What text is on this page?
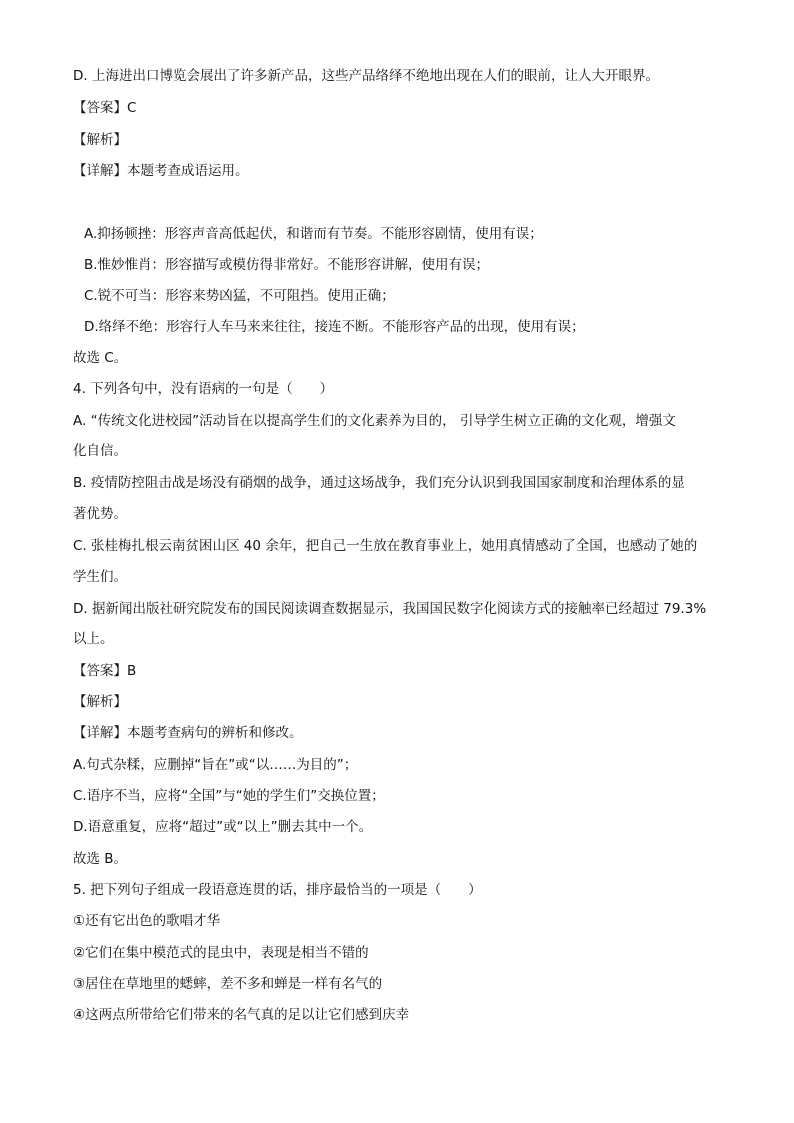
D. 上海进出口博览会展出了许多新产品，这些产品络绎不绝地出现在人们的眼前，让人大开眼界。
【答案】C
【解析】
【详解】本题考查成语运用。
A.抑扬顿挫：形容声音高低起伏，和谐而有节奏。不能形容剧情，使用有误；
B.惟妙惟肖：形容描写或模仿得非常好。不能形容讲解，使用有误；
C.锐不可当：形容来势凶猛，不可阻挡。使用正确；
D.络绎不绝：形容行人车马来来往往，接连不断。不能形容产品的出现，使用有误；
故选 C。
4. 下列各句中，没有语病的一句是（　　）
A. “传统文化进校园”活动旨在以提高学生们的文化素养为目的， 引导学生树立正确的文化观，增强文
化自信。
B. 疫情防控阻击战是场没有硝烟的战争，通过这场战争，我们充分认识到我国国家制度和治理体系的显
著优势。
C. 张桂梅扎根云南贫困山区 40 余年，把自己一生放在教育事业上，她用真情感动了全国，也感动了她的
学生们。
D. 据新闻出版社研究院发布的国民阅读调查数据显示，我国国民数字化阅读方式的接触率已经超过 79.3%
以上。
【答案】B
【解析】
【详解】本题考查病句的辨析和修改。
A.句式杂糅，应删掉“旨在”或“以……为目的”；
C.语序不当，应将“全国”与“她的学生们”交换位置；
D.语意重复，应将“超过”或“以上”删去其中一个。
故选 B。
5. 把下列句子组成一段语意连贯的话，排序最恰当的一项是（　　）
①还有它出色的歌唱才华
②它们在集中模范式的昆虫中，表现是相当不错的
③居住在草地里的蟋蟀，差不多和蝉是一样有名气的
④这两点所带给它们带来的名气真的足以让它们感到庆幸
